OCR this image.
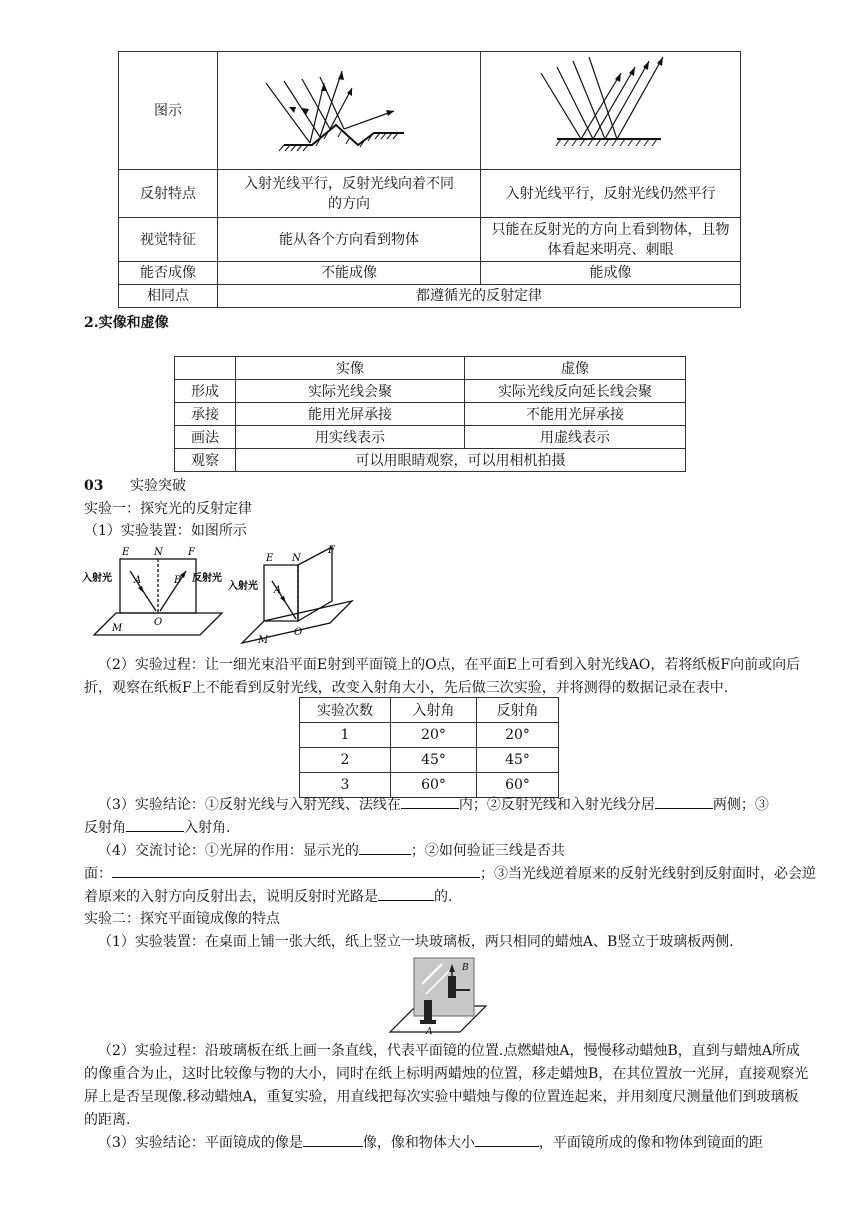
图示		
反射特点	入射光线平行，反射光线向着不同的方向	入射光线平行，反射光线仍然平行
视觉特征	能从各个方向看到物体	只能在反射光的方向上看到物体，且物体看起来明亮、刺眼
能否成像	不能成像	能成像
相同点	都遵循光的反射定律	
2.实像和虚像
	实像	虚像
形成	实际光线会聚	实际光线反向延长线会聚
承接	能用光屏承接	不能用光屏承接
画法	用实线表示	用虚线表示
观察	可以用眼睛观察，可以用相机拍摄	
03 实验突破
实验一：探究光的反射定律
（1）实验装置：如图所示
E N	F
A	B
O
M
入射光	反射光
E N
F
A
O
M
入射光
（2）实验过程：让一细光束沿平面E射到平面镜上的O点，在平面E上可看到入射光线AO，若将纸板F向前或向后折，观察在纸板F上不能看到反射光线，改变入射角大小，先后做三次实验，并将测得的数据记录在表中.
实验次数	入射角	反射角
1	20°	20°
2	45°	45°
3	60°	60°
（3）实验结论：①反射光线与入射光线、法线在	内；②反射光线和入射光线分居	两侧；③
反射角	入射角.
（4）交流讨论：①光屏的作用：显示光的	；②如何验证三线是否共
面：	；③当光线逆着原来的反射光线射到反射面时，必会逆
着原来的入射方向反射出去，说明反射时光路是	的.
实验二：探究平面镜成像的特点
（1）实验装置：在桌面上铺一张大纸，纸上竖立一块玻璃板，两只相同的蜡烛A、B竖立于玻璃板两侧.
A
B
（2）实验过程：沿玻璃板在纸上画一条直线，代表平面镜的位置.点燃蜡烛A，慢慢移动蜡烛B，直到与蜡烛A所成的像重合为止，这时比较像与物的大小，同时在纸上标明两蜡烛的位置，移走蜡烛B，在其位置放一光屏，直接观察光屏上是否呈现像.移动蜡烛A，重复实验，用直线把每次实验中蜡烛与像的位置连起来，并用刻度尺测量他们到玻璃板的距离.
（3）实验结论：平面镜成的像是	像，像和物体大小	，平面镜所成的像和物体到镜面的距
